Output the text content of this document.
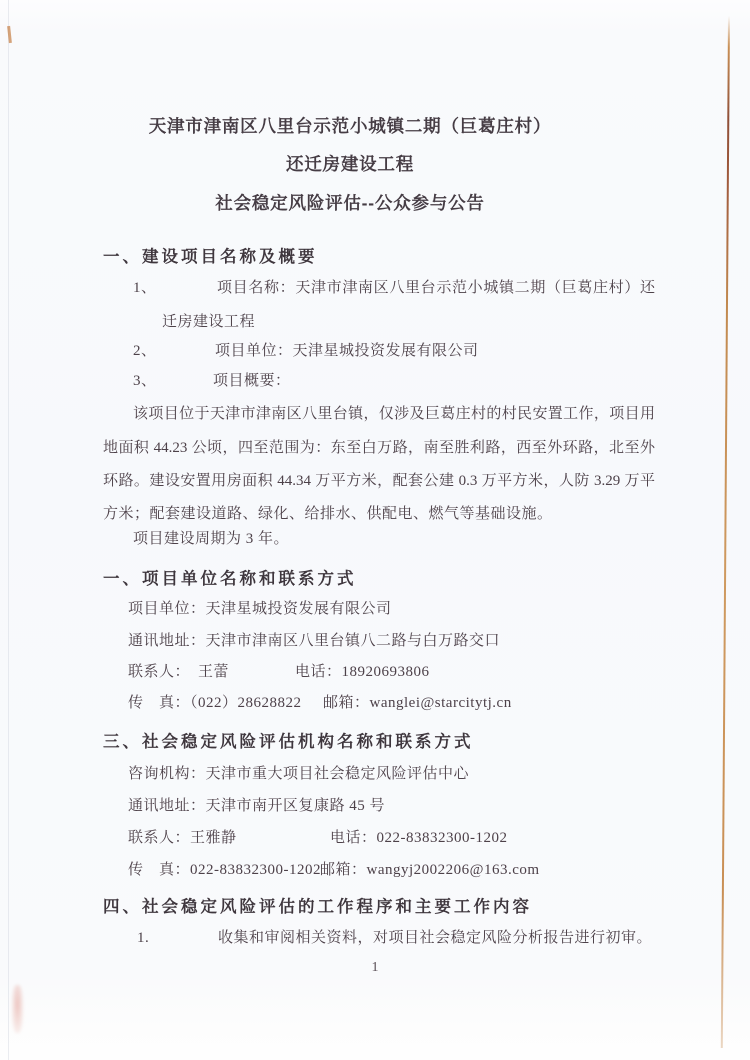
天津市津南区八里台示范小城镇二期（巨葛庄村）
还迁房建设工程
社会稳定风险评估--公众参与公告
一、建设项目名称及概要
1、	项目名称：天津市津南区八里台示范小城镇二期（巨葛庄村）还
迁房建设工程
2、	项目单位：天津星城投资发展有限公司
3、	项目概要：
该项目位于天津市津南区八里台镇，仅涉及巨葛庄村的村民安置工作，项目用
地面积 44.23 公顷，四至范围为：东至白万路，南至胜利路，西至外环路，北至外
环路。建设安置用房面积 44.34 万平方米，配套公建 0.3 万平方米，人防 3.29 万平
方米；配套建设道路、绿化、给排水、供配电、燃气等基础设施。
项目建设周期为 3 年。
一、项目单位名称和联系方式
项目单位：天津星城投资发展有限公司
通讯地址：天津市津南区八里台镇八二路与白万路交口
联系人：　王蕾	电话：18920693806
传　真：（022）28628822 邮箱：wanglei@starcitytj.cn
三、社会稳定风险评估机构名称和联系方式
咨询机构：天津市重大项目社会稳定风险评估中心
通讯地址：天津市南开区复康路 45 号
联系人：王雅静	电话：022-83832300-1202
传　真：022-83832300-1202 邮箱：wangyj2002206@163.com
四、社会稳定风险评估的工作程序和主要工作内容
1.	收集和审阅相关资料，对项目社会稳定风险分析报告进行初审。
1
